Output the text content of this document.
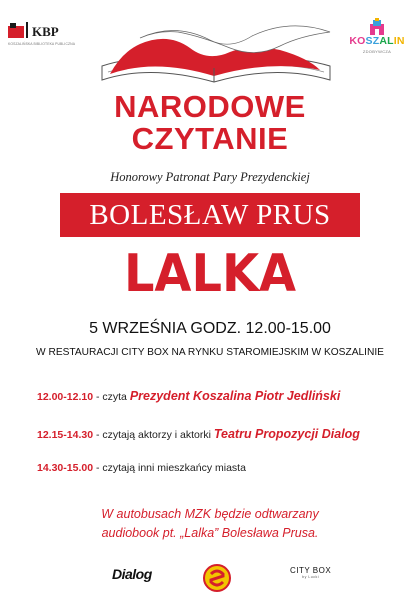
KBP
KOSZALIŃSKA BIBLIOTEKA PUBLICZNA	KOSZALIN
ZDOBYWCZA
NARODOWE
CZYTANIE
Honorowy Patronat Pary Prezydenckiej
BOLESŁAW PRUS
LALKA
5 WRZEŚNIA GODZ. 12.00-15.00
W RESTAURACJI CITY BOX NA RYNKU STAROMIEJSKIM W KOSZALINIE
12.00-12.10 - czyta Prezydent Koszalina Piotr Jedliński
12.15-14.30 - czytają aktorzy i aktorki Teatru Propozycji Dialog
14.30-15.00 - czytają inni mieszkańcy miasta
W autobusach MZK będzie odtwarzany
audiobook pt. „Lalka” Bolesława Prusa.
Dialog	CITY BOX
by Lucki
